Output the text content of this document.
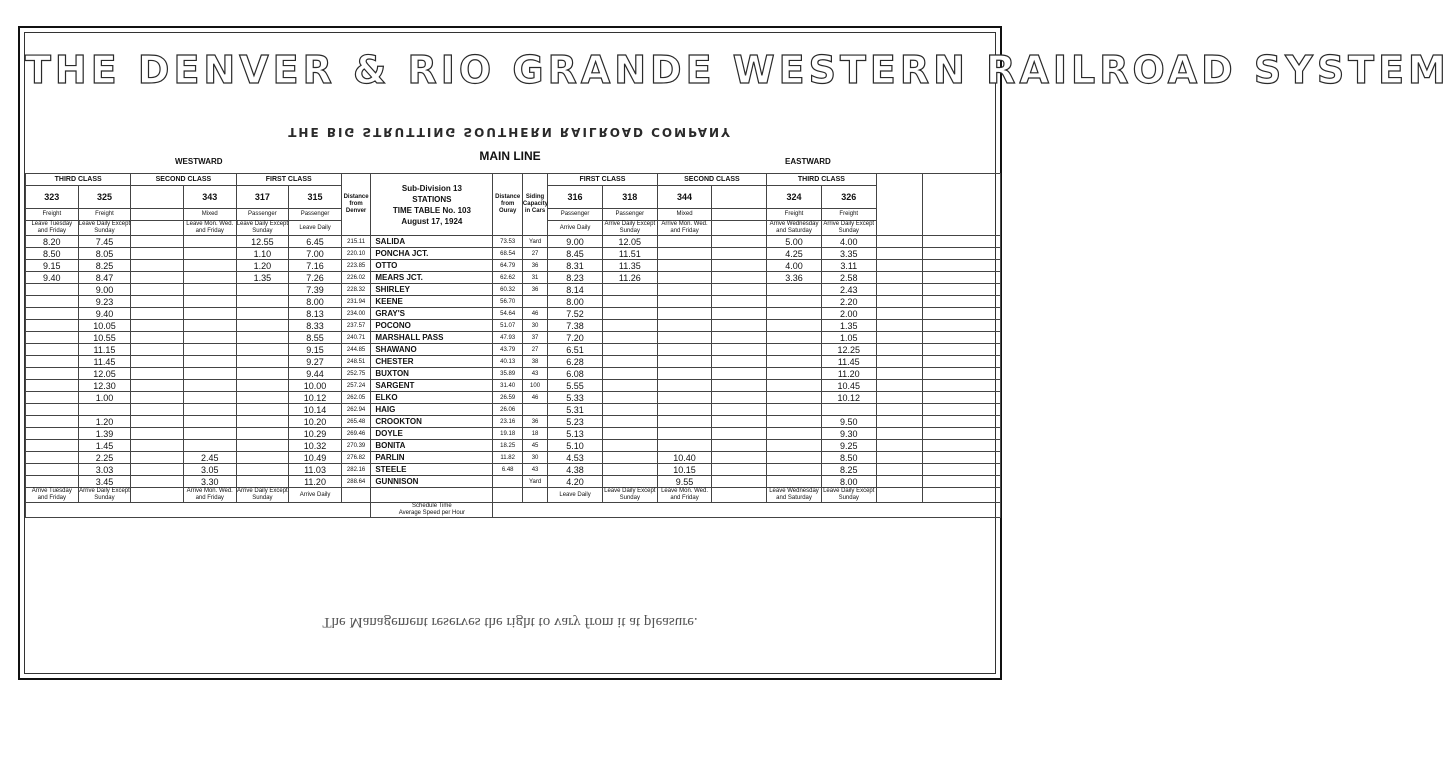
THE DENVER & RIO GRANDE WESTERN RAILROAD SYSTEM
THE BIG STRUTTING SOUTHERN RAILROAD COMPANY
WESTWARD	MAIN LINE	EASTWARD
THIRD CLASS		SECOND CLASS		FIRST CLASS		Distance from Denver	Sub-Division 13
STATIONS
TIME TABLE No. 103
August 17, 1924	Distance from Ouray	Siding Capacity in Cars	FIRST CLASS		SECOND CLASS		THIRD CLASS			
323	325		343	317	315					316	318	344		324	326		
Freight	Freight		Mixed	Passenger	Passenger					Passenger	Passenger	Mixed		Freight	Freight		
Leave Tuesday and Friday	Leave Daily Except Sunday		Leave Mon. Wed. and Friday	Leave Daily Except Sunday	Leave Daily					Arrive Daily	Arrive Daily Except Sunday	Arrive Mon. Wed. and Friday		Arrive Wednesday and Saturday	Arrive Daily Except Sunday		
8.20	7.45			12.55	6.45	215.11	SALIDA	73.53	Yard	9.00	12.05			5.00	4.00		
8.50	8.05			1.10	7.00	220.10	PONCHA JCT.	68.54	27	8.45	11.51			4.25	3.35		
9.15	8.25			1.20	7.16	223.85	OTTO	64.79	36	8.31	11.35			4.00	3.11		
9.40	8.47			1.35	7.26	226.02	MEARS JCT.	62.62	31	8.23	11.26			3.36	2.58		
	9.00				7.39	228.32	SHIRLEY	60.32	36	8.14					2.43		
	9.23				8.00	231.94	KEENE	56.70		8.00					2.20		
	9.40				8.13	234.00	GRAY'S	54.64	46	7.52					2.00		
	10.05				8.33	237.57	POCONO	51.07	30	7.38					1.35		
	10.55				8.55	240.71	MARSHALL PASS	47.93	37	7.20					1.05		
	11.15				9.15	244.85	SHAWANO	43.79	27	6.51					12.25		
	11.45				9.27	248.51	CHESTER	40.13	38	6.28					11.45		
	12.05				9.44	252.75	BUXTON	35.89	43	6.08					11.20		
	12.30				10.00	257.24	SARGENT	31.40	100	5.55					10.45		
	1.00				10.12	262.05	ELKO	26.59	46	5.33					10.12		
					10.14	262.94	HAIG	26.06		5.31							
	1.20				10.20	265.48	CROOKTON	23.16	36	5.23					9.50		
	1.39				10.29	269.46	DOYLE	19.18	18	5.13					9.30		
	1.45				10.32	270.39	BONITA	18.25	45	5.10					9.25		
	2.25		2.45		10.49	276.82	PARLIN	11.82	30	4.53		10.40			8.50		
	3.03		3.05		11.03	282.16	STEELE	6.48	43	4.38		10.15			8.25		
	3.45		3.30		11.20	288.64	GUNNISON		Yard	4.20		9.55			8.00		
Arrive Tuesday and Friday	Arrive Daily Except Sunday		Arrive Mon. Wed. and Friday	Arrive Daily Except Sunday	Arrive Daily					Leave Daily	Leave Daily Except Sunday	Leave Mon. Wed. and Friday		Leave Wednesday and Saturday	Leave Daily Except Sunday		
							Schedule Time
Average Speed per Hour										
The Management reserves the right to vary from it at pleasure.
